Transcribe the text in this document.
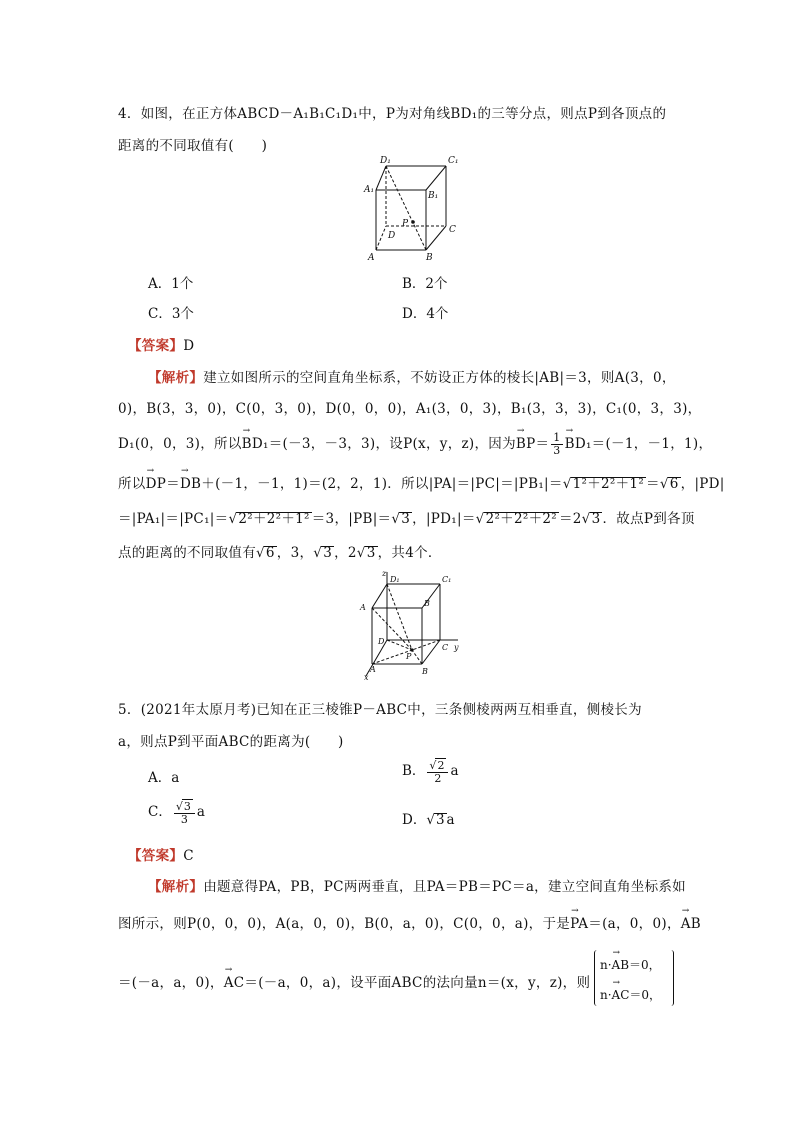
4．如图，在正方体ABCD－A₁B₁C₁D₁中，P为对角线BD₁的三等分点，则点P到各顶点的
距离的不同取值有(　　)
D₁	C₁
A₁
B₁
P
D
C
A	B
A．1个	B．2个
C．3个	D．4个
【答案】D
【解析】建立如图所示的空间直角坐标系，不妨设正方体的棱长|AB|＝3，则A(3，0，
0)，B(3，3，0)，C(0，3，0)，D(0，0，0)，A₁(3，0，3)，B₁(3，3，3)，C₁(0，3，3)，
D₁(0，0，3)，所以→ BD₁＝(－3，－3，3)，设P(x，y，z)，因为→ $BP= \frac{1}{3}$
→ BD₁＝(－1，－1，1)，
所以→ DP＝→ DB＋(－1，－1，1)＝(2，2，1)．所以|PA|＝|PC|＝|PB₁|＝√1²＋2²＋1² ＝√6 ，|PD|
＝|PA₁|＝|PC₁|＝√2²＋2²＋1² ＝3，|PB|＝√3 ，|PD₁|＝√2²＋2²＋2² ＝2√3 ．故点P到各顶
点的距离的不同取值有√6 ，3，√3 ，2√3 ，共4个．
z
D₁	C₁
A	B
D
P
C y
A	B
x
5．(2021年太原月考)已知在正三棱锥P－ABC中，三条侧棱两两互相垂直，侧棱长为
a，则点P到平面ABC的距离为(　　)
A．a	B． $\frac{√2}{2}$ a
C． $\frac{√3}{3}$ a	D．√3 a
【答案】C
【解析】由题意得PA，PB，PC两两垂直，且PA＝PB＝PC＝a，建立空间直角坐标系如
图所示，则P(0，0，0)，A(a，0，0)，B(0，a，0)，C(0，0，a)，于是→ PA＝(a，0，0)，→ AB
＝(－a，a，0)，→ AC＝(－a，0，a)，设平面ABC的法向量n＝(x，y，z)，则
n·→ AB＝0，
n·→ AC＝0，
